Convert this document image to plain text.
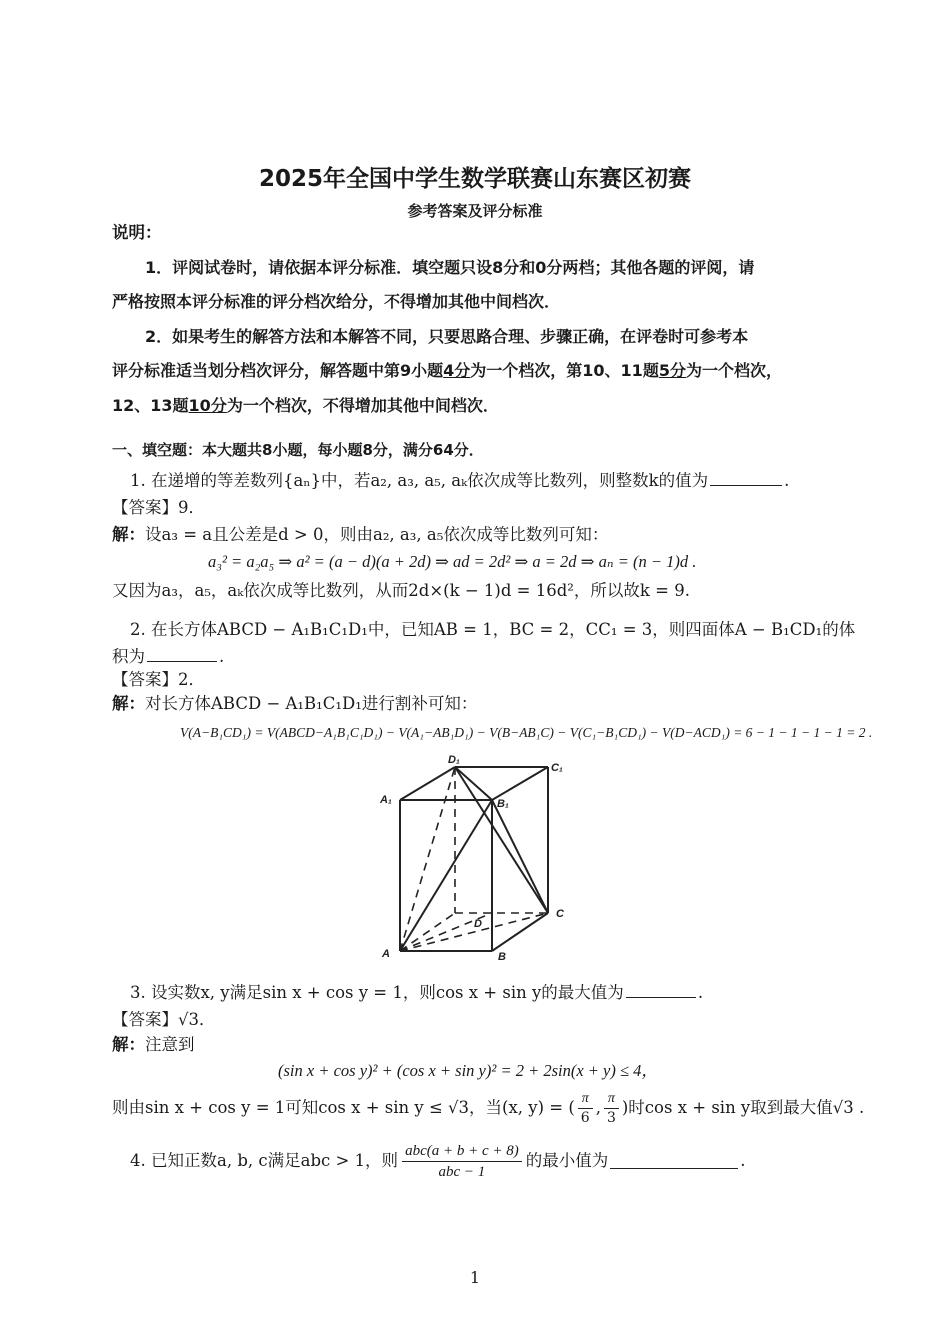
2025年全国中学生数学联赛山东赛区初赛
参考答案及评分标准
说明：
1．评阅试卷时，请依据本评分标准．填空题只设8分和0分两档；其他各题的评阅，请
严格按照本评分标准的评分档次给分，不得增加其他中间档次．
2．如果考生的解答方法和本解答不同，只要思路合理、步骤正确，在评卷时可参考本
评分标准适当划分档次评分，解答题中第9小题4分为一个档次，第10、11题5分为一个档次，
12、13题10分为一个档次，不得增加其他中间档次．
一、填空题：本大题共8小题，每小题8分，满分64分．
1. 在递增的等差数列{aₙ}中，若a₂, a₃, a₅, aₖ依次成等比数列，则整数k的值为	.
【答案】9．
解：设a₃ = a且公差是d > 0，则由a₂, a₃, a₅依次成等比数列可知：
a₃² = a₂a₅ ⇒ a² = (a − d)(a + 2d) ⇒ ad = 2d² ⇒ a = 2d ⇒ aₙ = (n − 1)d .
又因为a₃，a₅，aₖ依次成等比数列，从而2d×(k − 1)d = 16d²，所以故k = 9.
2. 在长方体ABCD − A₁B₁C₁D₁中，已知AB = 1，BC = 2，CC₁ = 3，则四面体A − B₁CD₁的体
积为	.
【答案】2．
解：对长方体ABCD − A₁B₁C₁D₁进行割补可知：
V(A−B₁CD₁) = V(ABCD−A₁B₁C₁D₁) − V(A₁−AB₁D₁) − V(B−AB₁C) − V(C₁−B₁CD₁) − V(D−ACD₁) = 6 − 1 − 1 − 1 − 1 = 2 .
D₁
C₁
A₁	B₁
D
C
A	B
3. 设实数x, y满足sin x + cos y = 1，则cos x + sin y的最大值为	.
【答案】√3．
解：注意到
(sin x + cos y)² + (cos x + sin y)² = 2 + 2sin(x + y) ≤ 4，
则由sin x + cos y = 1可知cos x + sin y ≤ √3，当(x, y) = ( $\frac{\pi}{6}$ , $\frac{\pi}{3}$ )时cos x + sin y取到最大值√3 .
4. 已知正数a, b, c满足abc > 1，则 $\frac{\text{abc(a + b + c + 8)}}{\text{abc − 1}}$ 的最小值为	.
1
